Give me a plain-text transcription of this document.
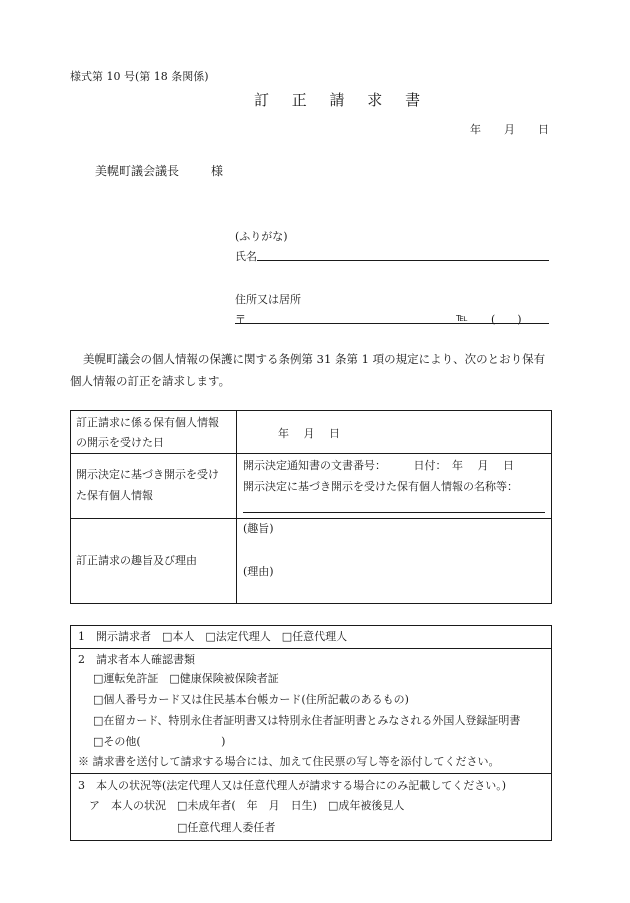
様式第 10 号(第 18 条関係)
訂 正 請 求 書
年 月 日
美幌町議会議長	様
(ふりがな)
氏名
住所又は居所
〒	℡ (　　)
美幌町議会の個人情報の保護に関する条例第 31 条第 1 項の規定により、次のとおり保有
個人情報の訂正を請求します。
訂正請求に係る保有個人情報
の開示を受けた日
年　 月　 日
開示決定に基づき開示を受け
た保有個人情報
開示決定通知書の文書番号：　　　日付：　年　 月　 日
開示決定に基づき開示を受けた保有個人情報の名称等：
訂正請求の趣旨及び理由
(趣旨)
(理由)
1　開示請求者　□本人　□法定代理人　□任意代理人
2　請求者本人確認書類
□運転免許証　□健康保険被保険者証
□個人番号カード又は住民基本台帳カード(住所記載のあるもの)
□在留カード、特別永住者証明書又は特別永住者証明書とみなされる外国人登録証明書
□その他(　　　　　　　 )
※ 請求書を送付して請求する場合には、加えて住民票の写し等を添付してください。
3　本人の状況等(法定代理人又は任意代理人が請求する場合にのみ記載してください。)
ア　本人の状況　□未成年者(　年　月　日生)　□成年被後見人
□任意代理人委任者
